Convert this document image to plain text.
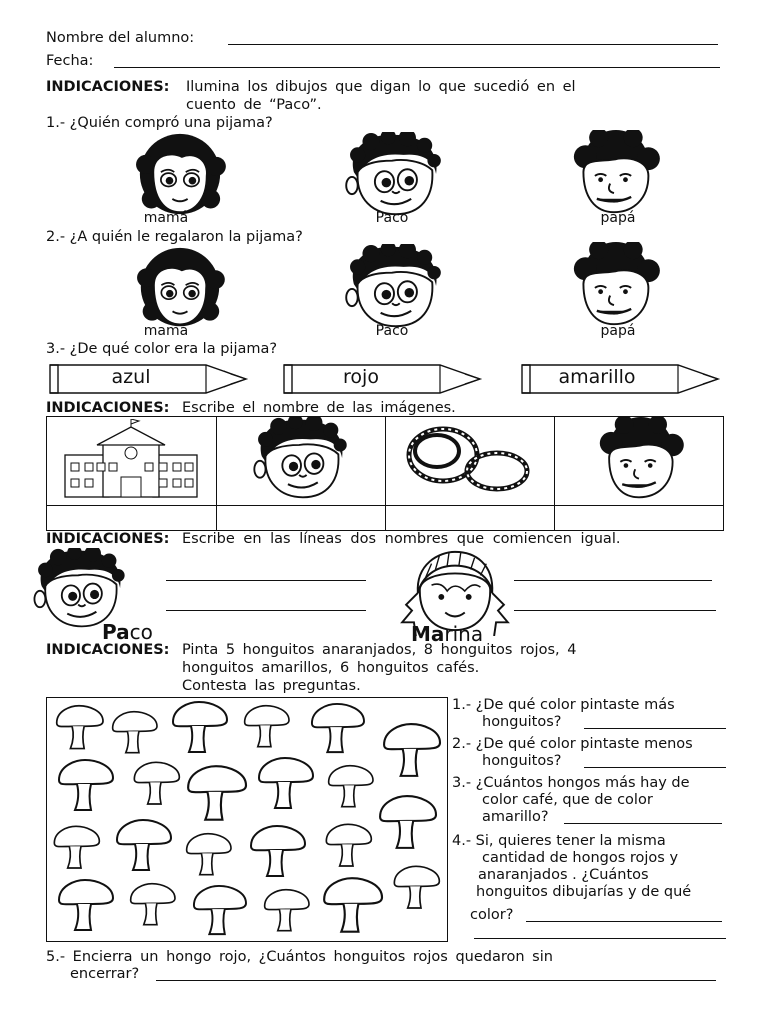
Nombre del alumno:
Fecha:
INDICACIONES: Ilumina los dibujos que digan lo que sucedió en el
cuento de “Paco”.
1.- ¿Quién compró una pijama?
mamá	Paco	papá
2.- ¿A quién le regalaron la pijama?
mamá	Paco	papá
3.- ¿De qué color era la pijama?
azul	rojo	amarillo
INDICACIONES: Escribe el nombre de las imágenes.

INDICACIONES: Escribe en las líneas dos nombres que comiencen igual.
Paco	Marina
INDICACIONES: Pinta 5 honguitos anaranjados, 8 honguitos rojos, 4
honguitos amarillos, 6 honguitos cafés.
Contesta las preguntas.
1.- ¿De qué color pintaste más
honguitos?
2.- ¿De qué color pintaste menos
honguitos?
3.- ¿Cuántos hongos más hay de
color café, que de color
amarillo?
4.- Si, quieres tener la misma
cantidad de hongos rojos y
anaranjados . ¿Cuántos
honguitos dibujarías y de qué
color?
5.- Encierra un hongo rojo, ¿Cuántos honguitos rojos quedaron sin
encerrar?
